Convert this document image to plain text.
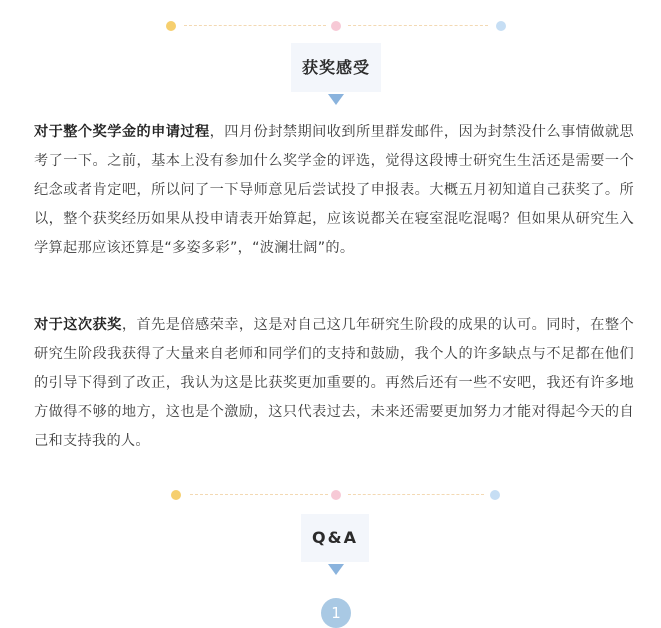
获奖感受
对于整个奖学金的申请过程，四月份封禁期间收到所里群发邮件，因为封禁没什么事情做就思考了一下。之前，基本上没有参加什么奖学金的评选，觉得这段博士研究生生活还是需要一个纪念或者肯定吧，所以问了一下导师意见后尝试投了申报表。大概五月初知道自己获奖了。所以，整个获奖经历如果从投申请表开始算起，应该说都关在寝室混吃混喝？但如果从研究生入学算起那应该还算是“多姿多彩”，“波澜壮阔”的。
对于这次获奖，首先是倍感荣幸，这是对自己这几年研究生阶段的成果的认可。同时，在整个研究生阶段我获得了大量来自老师和同学们的支持和鼓励，我个人的许多缺点与不足都在他们的引导下得到了改正，我认为这是比获奖更加重要的。再然后还有一些不安吧，我还有许多地方做得不够的地方，这也是个激励，这只代表过去，未来还需要更加努力才能对得起今天的自己和支持我的人。
Q&A
1
